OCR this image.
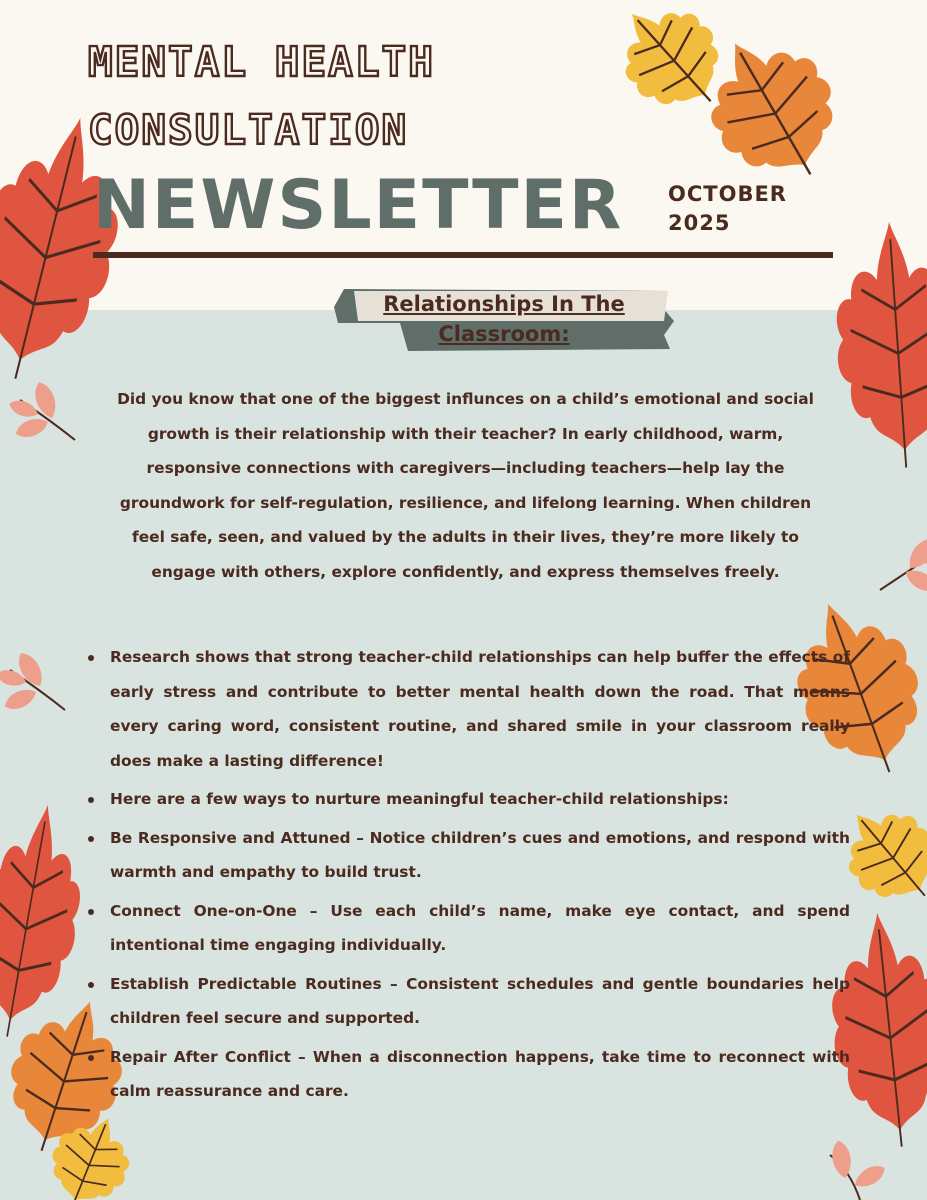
MENTAL HEALTH
CONSULTATION
NEWSLETTER OCTOBER
2025
Relationships In The
Classroom:

Did you know that one of the biggest influnces on a child’s emotional and social
growth is their relationship with their teacher? In early childhood, warm,
responsive connections with caregivers—including teachers—help lay the
groundwork for self-regulation, resilience, and lifelong learning. When children
feel safe, seen, and valued by the adults in their lives, they’re more likely to
engage with others, explore confidently, and express themselves freely.

Research shows that strong teacher-child relationships can help buffer the effects of early stress and contribute to better mental health down the road. That means every caring word, consistent routine, and shared smile in your classroom really does make a lasting difference!
Here are a few ways to nurture meaningful teacher-child relationships:
Be Responsive and Attuned – Notice children’s cues and emotions, and respond with warmth and empathy to build trust.
Connect One-on-One – Use each child’s name, make eye contact, and spend intentional time engaging individually.
Establish Predictable Routines – Consistent schedules and gentle boundaries help children feel secure and supported.
Repair After Conflict – When a disconnection happens, take time to reconnect with calm reassurance and care.
